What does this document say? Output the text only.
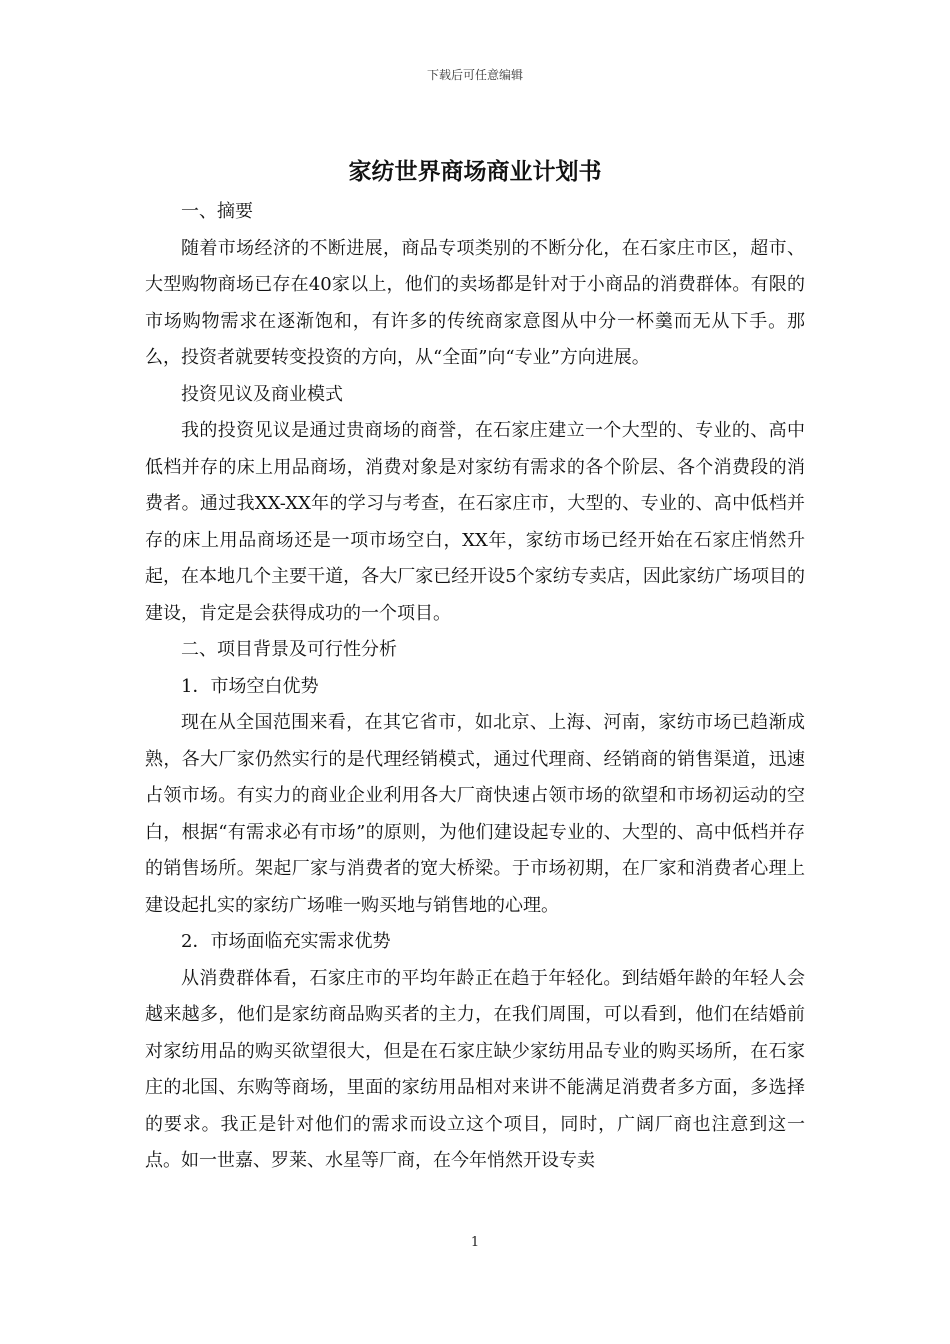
下载后可任意编辑
家纺世界商场商业计划书

一、摘要

随着市场经济的不断进展，商品专项类别的不断分化，在石家庄市区，超市、大型购物商场已存在40家以上，他们的卖场都是针对于小商品的消费群体。有限的市场购物需求在逐渐饱和，有许多的传统商家意图从中分一杯羹而无从下手。那么，投资者就要转变投资的方向，从“全面”向“专业”方向进展。

投资见议及商业模式

我的投资见议是通过贵商场的商誉，在石家庄建立一个大型的、专业的、高中低档并存的床上用品商场，消费对象是对家纺有需求的各个阶层、各个消费段的消费者。通过我XX-XX年的学习与考查，在石家庄市，大型的、专业的、高中低档并存的床上用品商场还是一项市场空白，XX年，家纺市场已经开始在石家庄悄然升起，在本地几个主要干道，各大厂家已经开设5个家纺专卖店，因此家纺广场项目的建设，肯定是会获得成功的一个项目。

二、项目背景及可行性分析

1．市场空白优势

现在从全国范围来看，在其它省市，如北京、上海、河南，家纺市场已趋渐成熟，各大厂家仍然实行的是代理经销模式，通过代理商、经销商的销售渠道，迅速占领市场。有实力的商业企业利用各大厂商快速占领市场的欲望和市场初运动的空白，根据“有需求必有市场”的原则，为他们建设起专业的、大型的、高中低档并存的销售场所。架起厂家与消费者的宽大桥梁。于市场初期，在厂家和消费者心理上建设起扎实的家纺广场唯一购买地与销售地的心理。

2．市场面临充实需求优势

从消费群体看，石家庄市的平均年龄正在趋于年轻化。到结婚年龄的年轻人会越来越多，他们是家纺商品购买者的主力，在我们周围，可以看到，他们在结婚前对家纺用品的购买欲望很大，但是在石家庄缺少家纺用品专业的购买场所，在石家庄的北国、东购等商场，里面的家纺用品相对来讲不能满足消费者多方面，多选择的要求。我正是针对他们的需求而设立这个项目，同时，广阔厂商也注意到这一点。如一世嘉、罗莱、水星等厂商，在今年悄然开设专卖

1
